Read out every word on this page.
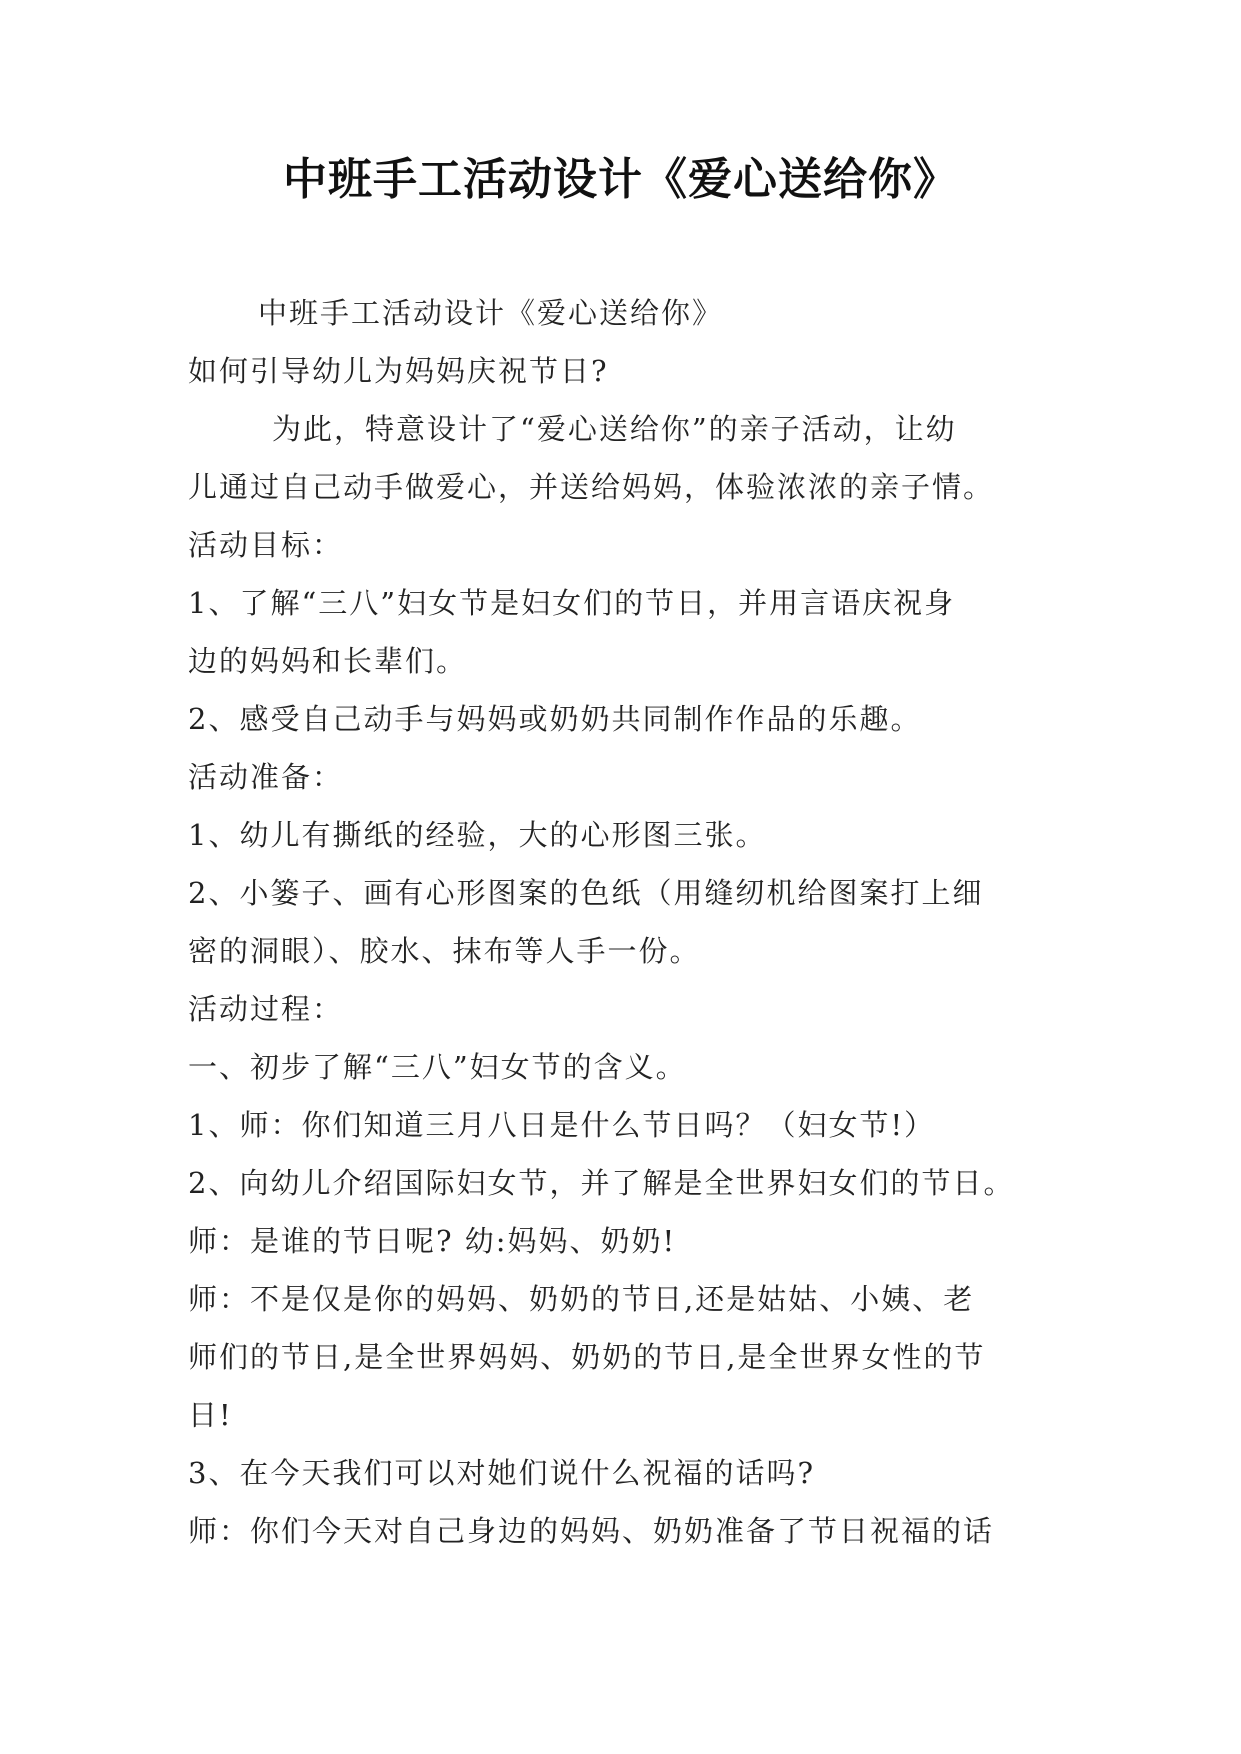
中班手工活动设计《爱心送给你》

中班手工活动设计《爱心送给你》

如何引导幼儿为妈妈庆祝节日?

为此，特意设计了“爱心送给你”的亲子活动，让幼

儿通过自己动手做爱心，并送给妈妈，体验浓浓的亲子情。

活动目标：

1、了解“三八”妇女节是妇女们的节日，并用言语庆祝身

边的妈妈和长辈们。

2、感受自己动手与妈妈或奶奶共同制作作品的乐趣。

活动准备：

1、幼儿有撕纸的经验，大的心形图三张。

2、小篓子、画有心形图案的色纸（用缝纫机给图案打上细

密的洞眼）、胶水、抹布等人手一份。

活动过程：

一、初步了解“三八”妇女节的含义。

1、师：你们知道三月八日是什么节日吗？（妇女节!）

2、向幼儿介绍国际妇女节，并了解是全世界妇女们的节日。

师：是谁的节日呢? 幼:妈妈、奶奶!

师：不是仅是你的妈妈、奶奶的节日,还是姑姑、小姨、老

师们的节日,是全世界妈妈、奶奶的节日,是全世界女性的节

日!

3、在今天我们可以对她们说什么祝福的话吗?

师：你们今天对自己身边的妈妈、奶奶准备了节日祝福的话
